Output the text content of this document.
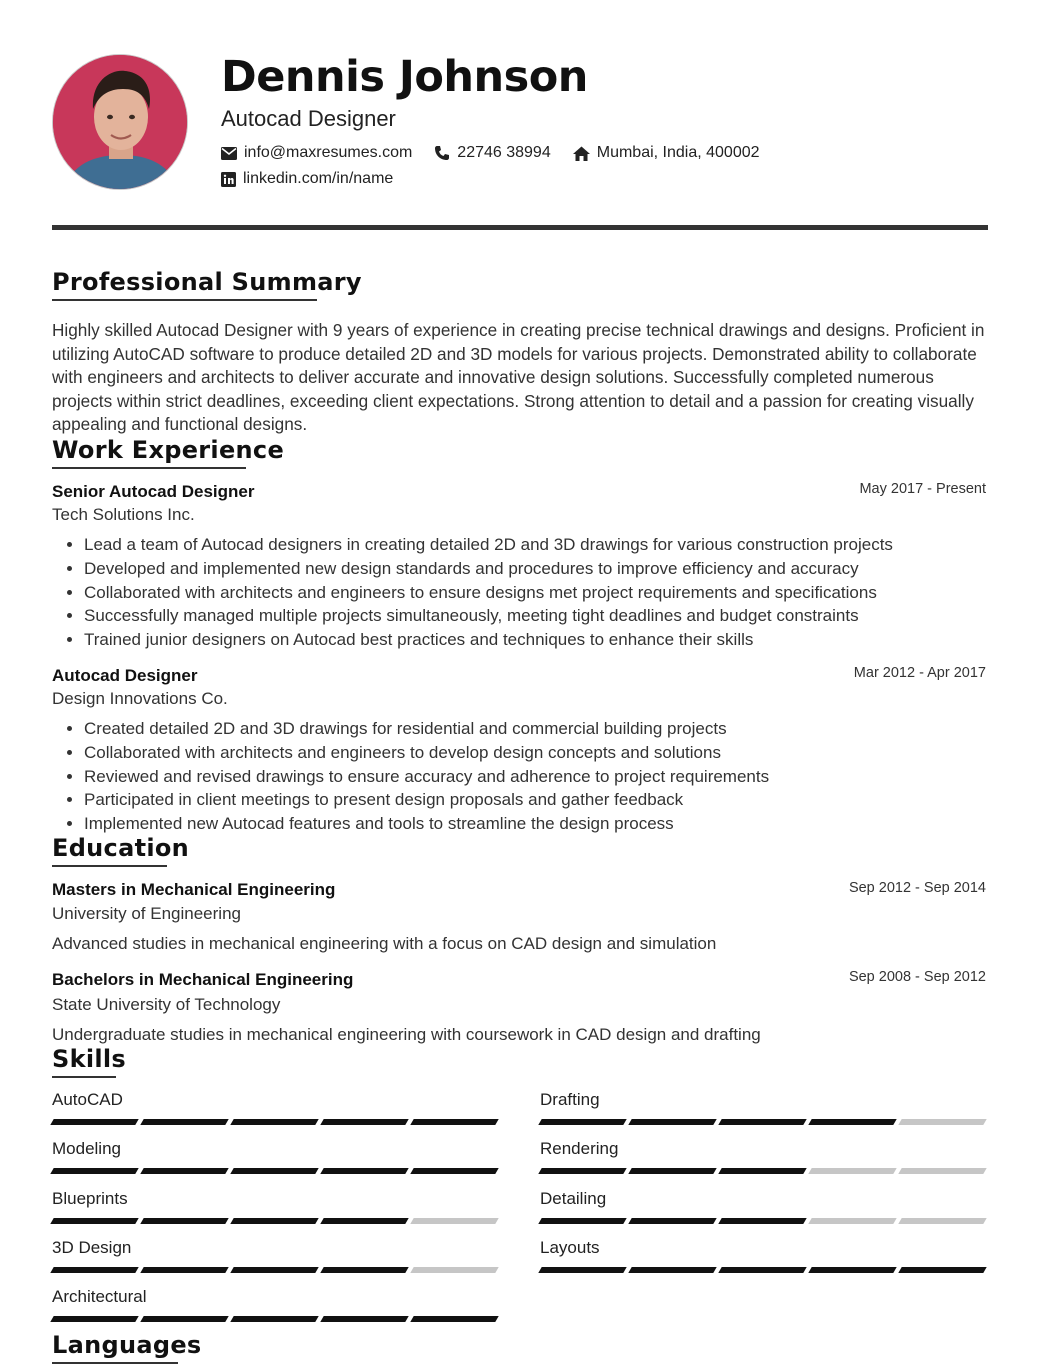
Dennis Johnson
Autocad Designer
info@maxresumes.com	22746 38994	Mumbai, India, 400002
linkedin.com/in/name
Professional Summary
Highly skilled Autocad Designer with 9 years of experience in creating precise technical drawings and designs. Proficient in utilizing AutoCAD software to produce detailed 2D and 3D models for various projects. Demonstrated ability to collaborate with engineers and architects to deliver accurate and innovative design solutions. Successfully completed numerous projects within strict deadlines, exceeding client expectations. Strong attention to detail and a passion for creating visually appealing and functional designs.
Work Experience
Senior Autocad Designer	May 2017 - Present
Tech Solutions Inc.
• Lead a team of Autocad designers in creating detailed 2D and 3D drawings for various construction projects
• Developed and implemented new design standards and procedures to improve efficiency and accuracy
• Collaborated with architects and engineers to ensure designs met project requirements and specifications
• Successfully managed multiple projects simultaneously, meeting tight deadlines and budget constraints
• Trained junior designers on Autocad best practices and techniques to enhance their skills
Autocad Designer	Mar 2012 - Apr 2017
Design Innovations Co.
• Created detailed 2D and 3D drawings for residential and commercial building projects
• Collaborated with architects and engineers to develop design concepts and solutions
• Reviewed and revised drawings to ensure accuracy and adherence to project requirements
• Participated in client meetings to present design proposals and gather feedback
• Implemented new Autocad features and tools to streamline the design process
Education
Masters in Mechanical Engineering	Sep 2012 - Sep 2014
University of Engineering
Advanced studies in mechanical engineering with a focus on CAD design and simulation
Bachelors in Mechanical Engineering	Sep 2008 - Sep 2012
State University of Technology
Undergraduate studies in mechanical engineering with coursework in CAD design and drafting
Skills
AutoCAD	Drafting
Modeling	Rendering
Blueprints	Detailing
3D Design	Layouts
Architectural
Languages
